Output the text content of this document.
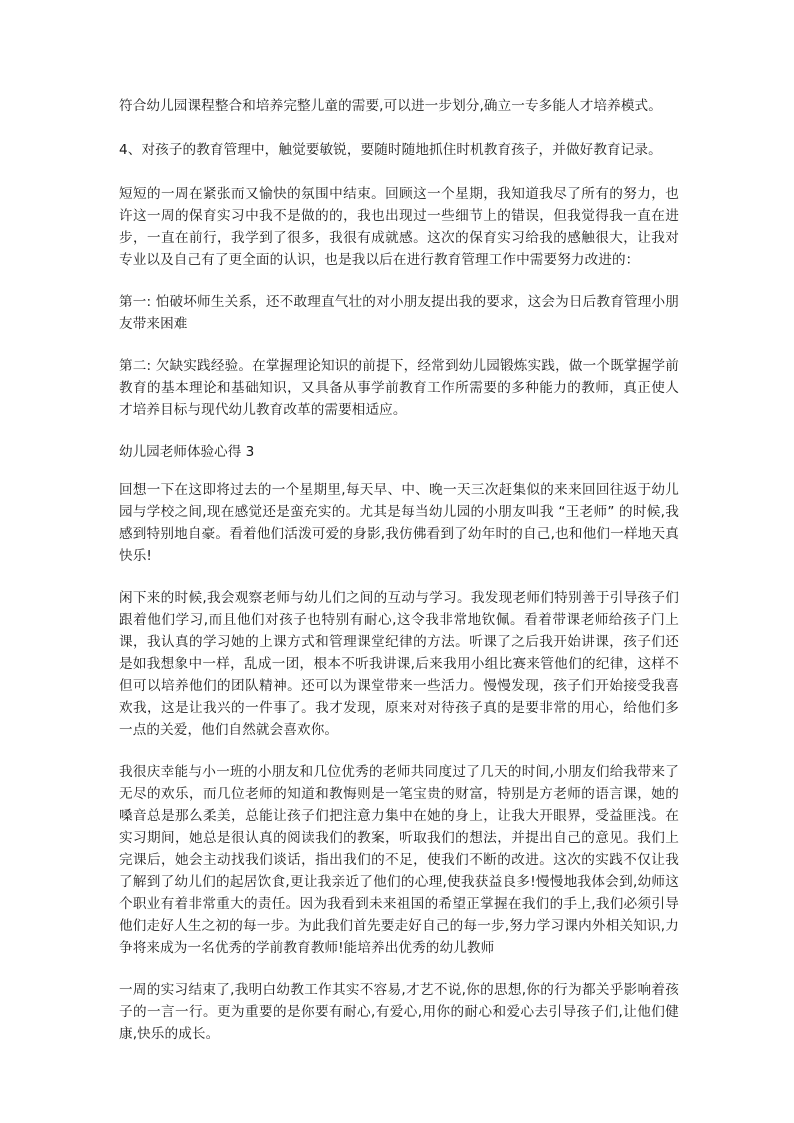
符合幼儿园课程整合和培养完整儿童的需要,可以进一步划分,确立一专多能人才培养模式。

4、对孩子的教育管理中，触觉要敏锐，要随时随地抓住时机教育孩子，并做好教育记录。

短短的一周在紧张而又愉快的氛围中结束。回顾这一个星期，我知道我尽了所有的努力，也许这一周的保育实习中我不是做的的，我也出现过一些细节上的错误，但我觉得我一直在进步，一直在前行，我学到了很多，我很有成就感。这次的保育实习给我的感触很大，让我对专业以及自己有了更全面的认识，也是我以后在进行教育管理工作中需要努力改进的：

第一: 怕破坏师生关系，还不敢理直气壮的对小朋友提出我的要求，这会为日后教育管理小朋友带来困难

第二: 欠缺实践经验。在掌握理论知识的前提下，经常到幼儿园锻炼实践，做一个既掌握学前教育的基本理论和基础知识，又具备从事学前教育工作所需要的多种能力的教师，真正使人才培养目标与现代幼儿教育改革的需要相适应。

幼儿园老师体验心得 3

回想一下在这即将过去的一个星期里,每天早、中、晚一天三次赶集似的来来回回往返于幼儿园与学校之间,现在感觉还是蛮充实的。尤其是每当幼儿园的小朋友叫我 “王老师” 的时候,我感到特别地自豪。看着他们活泼可爱的身影,我仿佛看到了幼年时的自己,也和他们一样地天真快乐!

闲下来的时候,我会观察老师与幼儿们之间的互动与学习。我发现老师们特别善于引导孩子们跟着他们学习,而且他们对孩子也特别有耐心,这令我非常地钦佩。看着带课老师给孩子门上课，我认真的学习她的上课方式和管理课堂纪律的方法。听课了之后我开始讲课，孩子们还是如我想象中一样，乱成一团，根本不听我讲课,后来我用小组比赛来管他们的纪律，这样不但可以培养他们的团队精神。还可以为课堂带来一些活力。慢慢发现，孩子们开始接受我喜欢我，这是让我兴的一件事了。我才发现，原来对对待孩子真的是要非常的用心，给他们多一点的关爱，他们自然就会喜欢你。

我很庆幸能与小一班的小朋友和几位优秀的老师共同度过了几天的时间,小朋友们给我带来了无尽的欢乐，而几位老师的知道和教悔则是一笔宝贵的财富，特别是方老师的语言课，她的嗓音总是那么柔美，总能让孩子们把注意力集中在她的身上，让我大开眼界，受益匪浅。在实习期间，她总是很认真的阅读我们的教案，听取我们的想法，并提出自己的意见。我们上完课后，她会主动找我们谈话，指出我们的不足，使我们不断的改进。这次的实践不仅让我了解到了幼儿们的起居饮食,更让我亲近了他们的心理,使我获益良多!慢慢地我体会到,幼师这个职业有着非常重大的责任。因为我看到未来祖国的希望正掌握在我们的手上,我们必须引导他们走好人生之初的每一步。为此我们首先要走好自己的每一步,努力学习课内外相关知识,力争将来成为一名优秀的学前教育教师!能培养出优秀的幼儿教师

一周的实习结束了,我明白幼教工作其实不容易,才艺不说,你的思想,你的行为都关乎影响着孩子的一言一行。更为重要的是你要有耐心,有爱心,用你的耐心和爱心去引导孩子们,让他们健康,快乐的成长。
